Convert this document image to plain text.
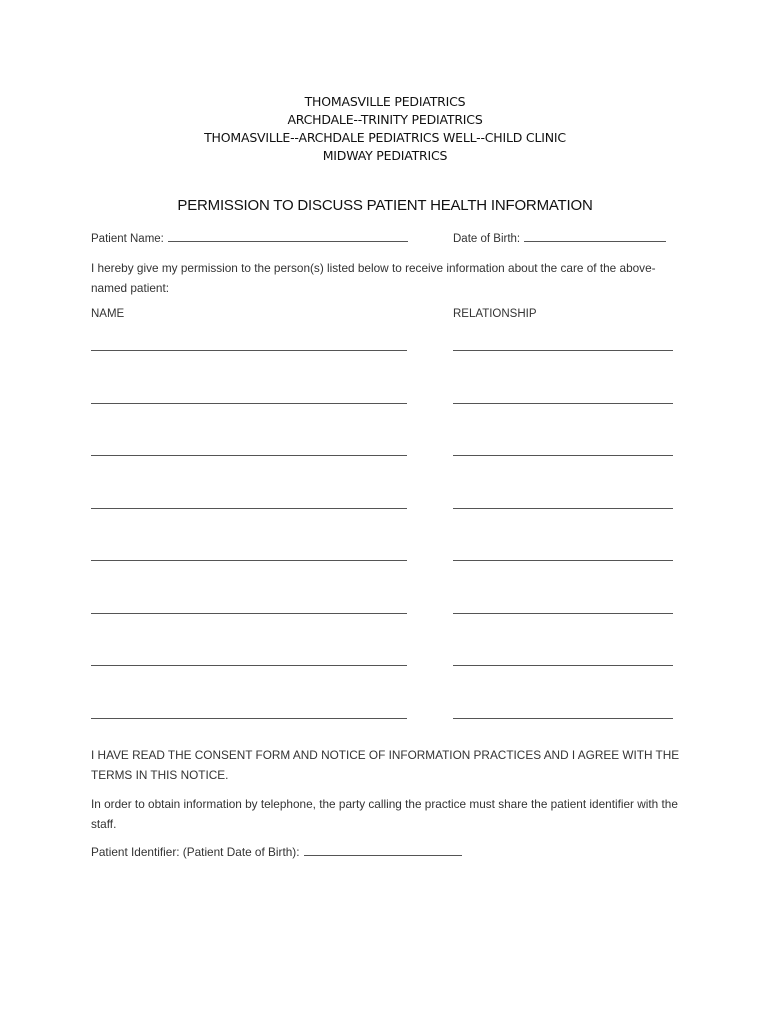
THOMASVILLE PEDIATRICS
ARCHDALE--TRINITY PEDIATRICS
THOMASVILLE--ARCHDALE PEDIATRICS WELL--CHILD CLINIC
MIDWAY PEDIATRICS
PERMISSION TO DISCUSS PATIENT HEALTH INFORMATION
Patient Name:	Date of Birth:
I hereby give my permission to the person(s) listed below to receive information about the care of the above-named patient:
NAME	RELATIONSHIP
I HAVE READ THE CONSENT FORM AND NOTICE OF INFORMATION PRACTICES AND I AGREE WITH THE TERMS IN THIS NOTICE.
In order to obtain information by telephone, the party calling the practice must share the patient identifier with the staff.
Patient Identifier: (Patient Date of Birth):
